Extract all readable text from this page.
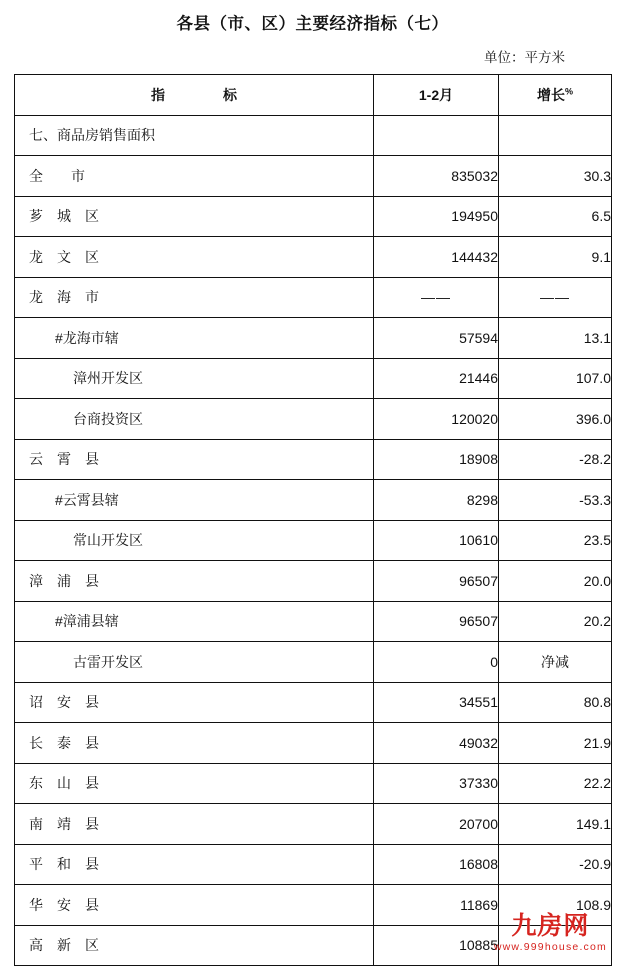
各县（市、区）主要经济指标（七）
单位：平方米
指　　标	1-2月	增长%
七、商品房销售面积		
全　　市	835032	30.3
芗　城　区	194950	6.5
龙　文　区	144432	9.1
龙　海　市	——	——
#龙海市辖	57594	13.1
漳州开发区	21446	107.0
台商投资区	120020	396.0
云　霄　县	18908	-28.2
#云霄县辖	8298	-53.3
常山开发区	10610	23.5
漳　浦　县	96507	20.0
#漳浦县辖	96507	20.2
古雷开发区	0	净减
诏　安　县	34551	80.8
长　泰　县	49032	21.9
东　山　县	37330	22.2
南　靖　县	20700	149.1
平　和　县	16808	-20.9
华　安　县	11869	108.9
高　新　区	10885	
九房网
www.999house.com
